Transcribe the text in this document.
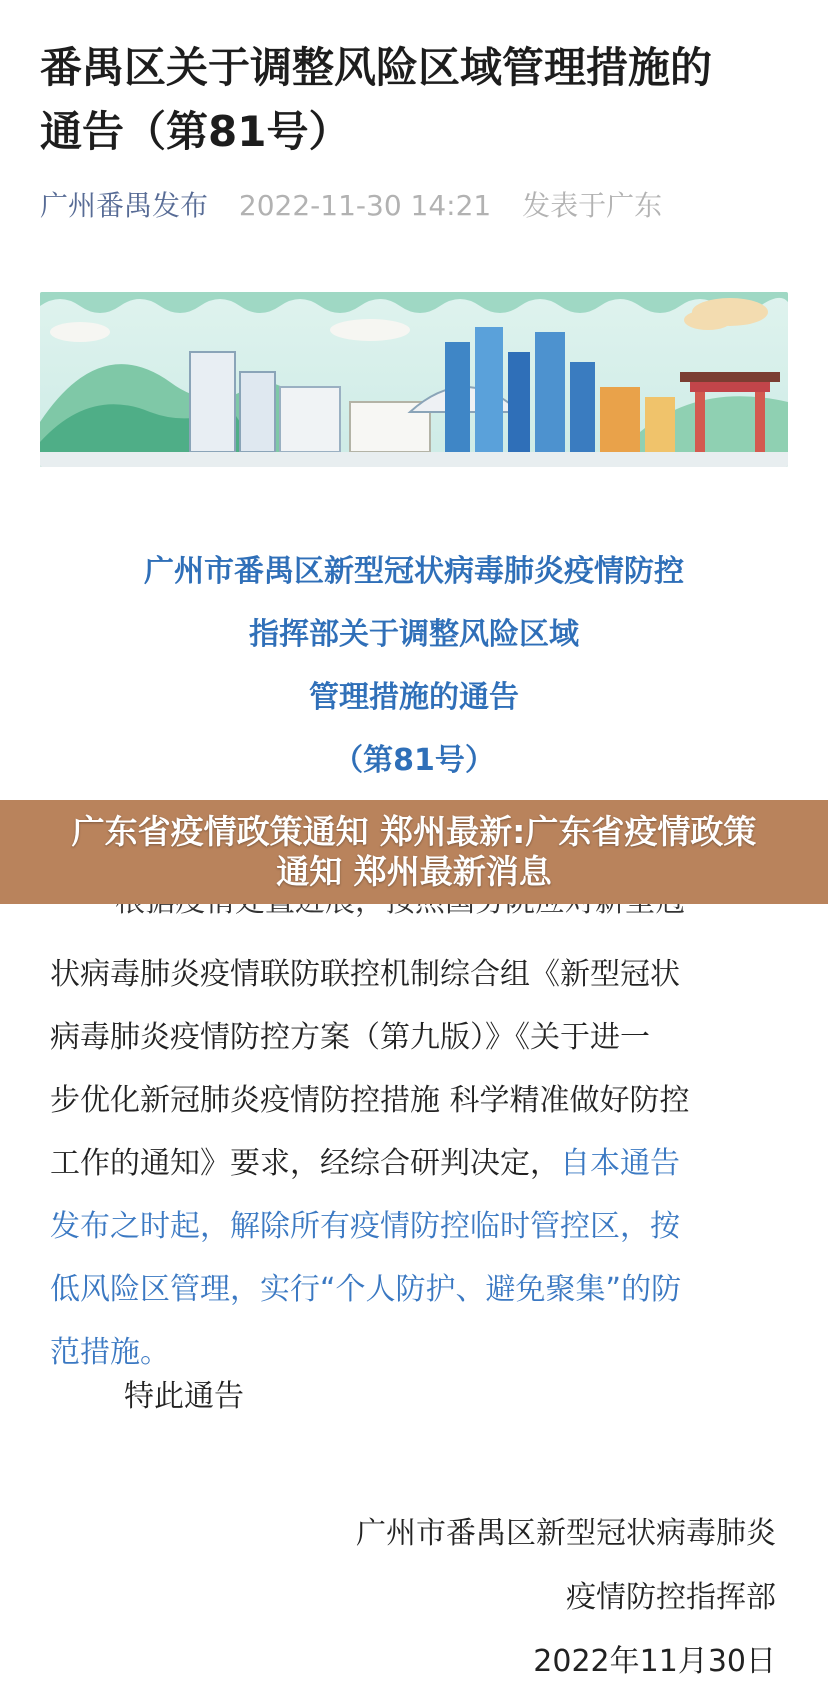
番禺区关于调整风险区域管理措施的
通告（第81号）
广州番禺发布 2022-11-30 14:21 发表于广东
广州市番禺区新型冠状病毒肺炎疫情防控
指挥部关于调整风险区域
管理措施的通告
（第81号）
状病毒肺炎疫情联防联控机制综合组《新型冠状
病毒肺炎疫情防控方案（第九版）》《关于进一
步优化新冠肺炎疫情防控措施 科学精准做好防控
工作的通知》要求，经综合研判决定，自本通告
发布之时起，解除所有疫情防控临时管控区，按
低风险区管理，实行“个人防护、避免聚集”的防
范措施。
特此通告
广州市番禺区新型冠状病毒肺炎
疫情防控指挥部
2022年11月30日
广东省疫情政策通知 郑州最新:广东省疫情政策
通知 郑州最新消息
